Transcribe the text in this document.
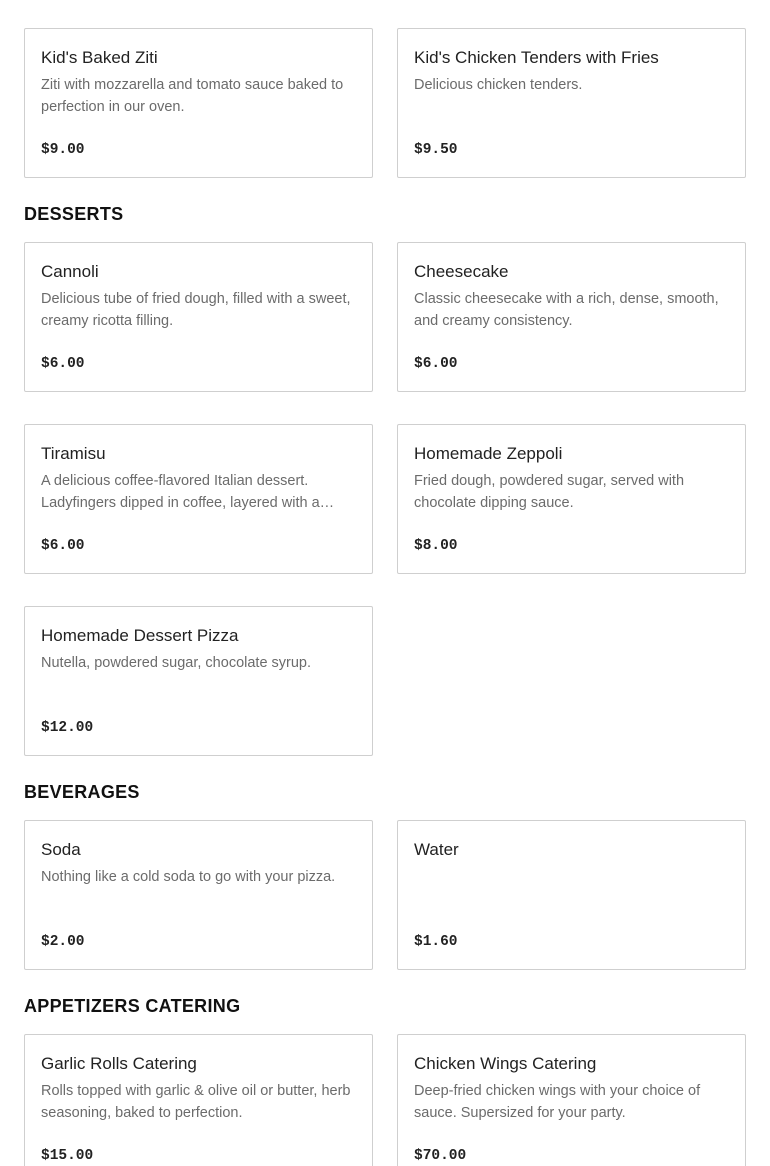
Kid's Baked Ziti
Ziti with mozzarella and tomato sauce baked to perfection in our oven.
$9.00
Kid's Chicken Tenders with Fries
Delicious chicken tenders.
$9.50
DESSERTS
Cannoli
Delicious tube of fried dough, filled with a sweet, creamy ricotta filling.
$6.00
Cheesecake
Classic cheesecake with a rich, dense, smooth, and creamy consistency.
$6.00
Tiramisu
A delicious coffee-flavored Italian dessert. Ladyfingers dipped in coffee, layered with a…
$6.00
Homemade Zeppoli
Fried dough, powdered sugar, served with chocolate dipping sauce.
$8.00
Homemade Dessert Pizza
Nutella, powdered sugar, chocolate syrup.
$12.00
BEVERAGES
Soda
Nothing like a cold soda to go with your pizza.
$2.00
Water
$1.60
APPETIZERS CATERING
Garlic Rolls Catering
Rolls topped with garlic & olive oil or butter, herb seasoning, baked to perfection.
$15.00
Chicken Wings Catering
Deep-fried chicken wings with your choice of sauce. Supersized for your party.
$70.00
